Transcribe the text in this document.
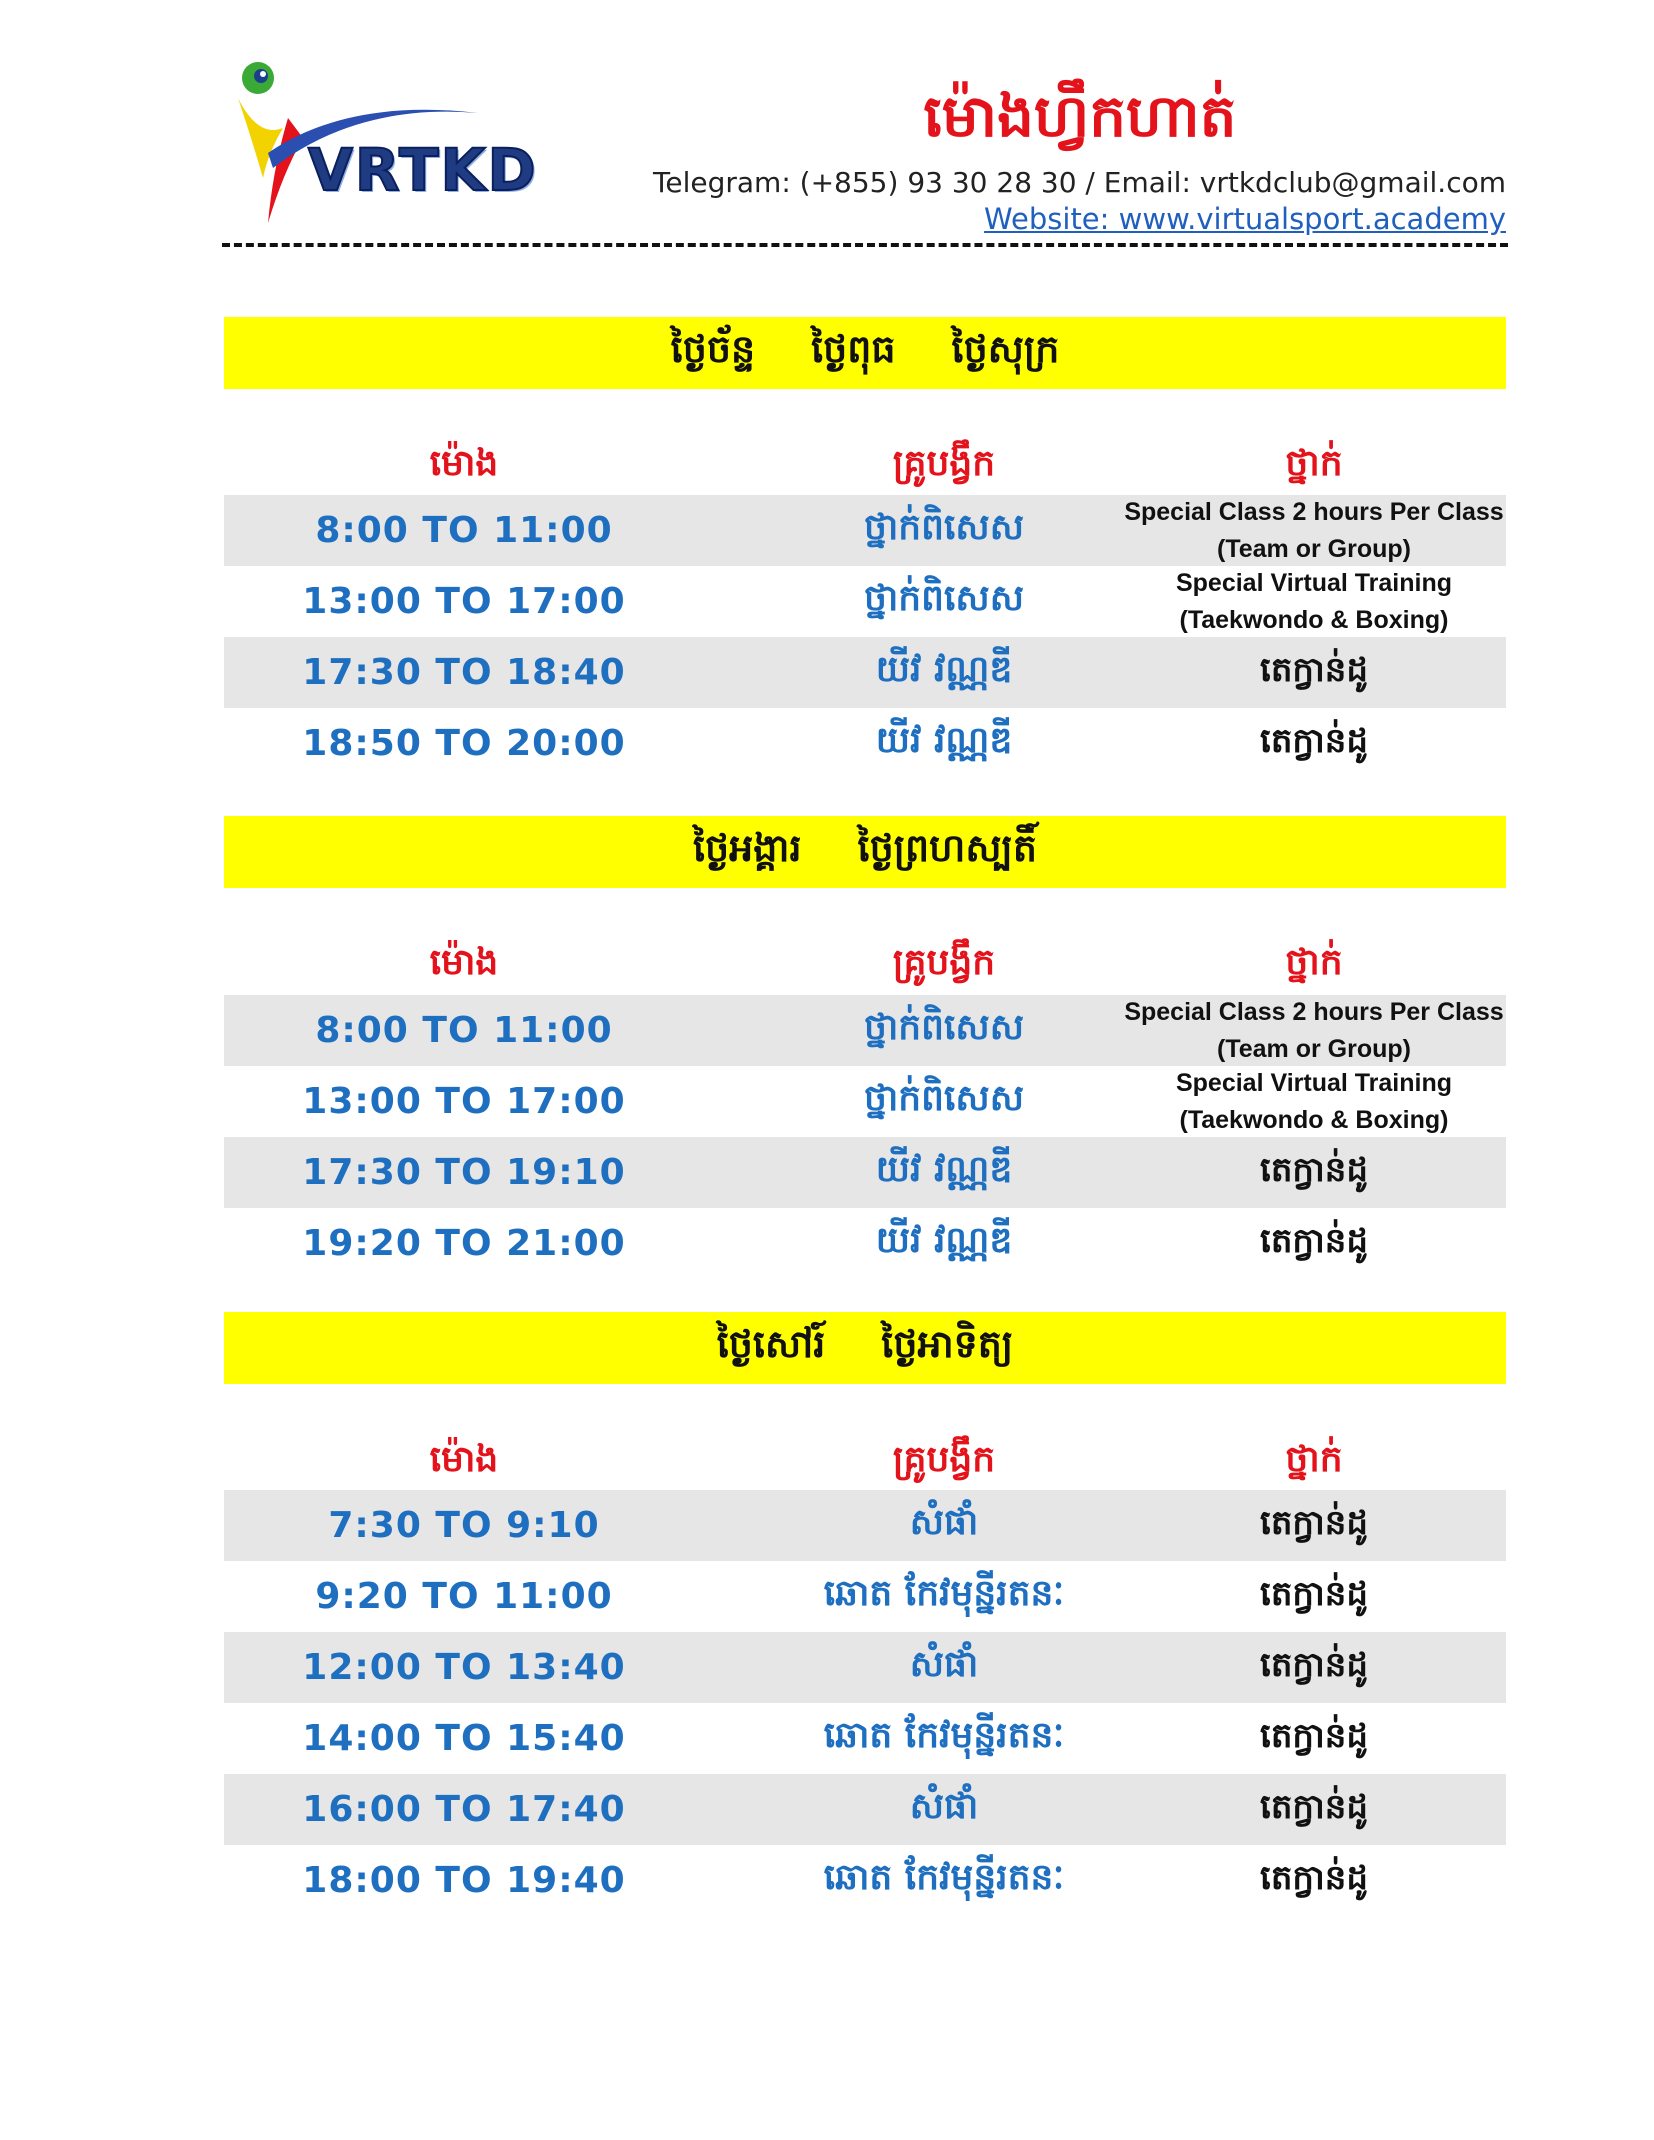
VRTKD
ម៉ោងហ្វឹកហាត់
Telegram: (+855) 93 30 28 30 / Email: vrtkdclub@gmail.com
Website: www.virtualsport.academy
ថ្ងៃច័ន្ទ ថ្ងៃពុធ ថ្ងៃសុក្រ
ម៉ោង	គ្រូបង្វឹក	ថ្នាក់
8:00 TO 11:00	ថ្នាក់ពិសេស	Special Class 2 hours Per Class (Team or Group)
13:00 TO 17:00	ថ្នាក់ពិសេស	Special Virtual Training (Taekwondo & Boxing)
17:30 TO 18:40	យីវ វណ្ណឌី	តេក្វាន់ដូ
18:50 TO 20:00	យីវ វណ្ណឌី	តេក្វាន់ដូ
ថ្ងៃអង្គារ ថ្ងៃព្រហស្បតិ៍
ម៉ោង	គ្រូបង្វឹក	ថ្នាក់
8:00 TO 11:00	ថ្នាក់ពិសេស	Special Class 2 hours Per Class (Team or Group)
13:00 TO 17:00	ថ្នាក់ពិសេស	Special Virtual Training (Taekwondo & Boxing)
17:30 TO 19:10	យីវ វណ្ណឌី	តេក្វាន់ដូ
19:20 TO 21:00	យីវ វណ្ណឌី	តេក្វាន់ដូ
ថ្ងៃសៅរ៍ ថ្ងៃអាទិត្យ
ម៉ោង	គ្រូបង្វឹក	ថ្នាក់
7:30 TO 9:10	សំផាំ	តេក្វាន់ដូ
9:20 TO 11:00	ឆោត កែវមុន្នីរតនៈ	តេក្វាន់ដូ
12:00 TO 13:40	សំផាំ	តេក្វាន់ដូ
14:00 TO 15:40	ឆោត កែវមុន្នីរតនៈ	តេក្វាន់ដូ
16:00 TO 17:40	សំផាំ	តេក្វាន់ដូ
18:00 TO 19:40	ឆោត កែវមុន្នីរតនៈ	តេក្វាន់ដូ
